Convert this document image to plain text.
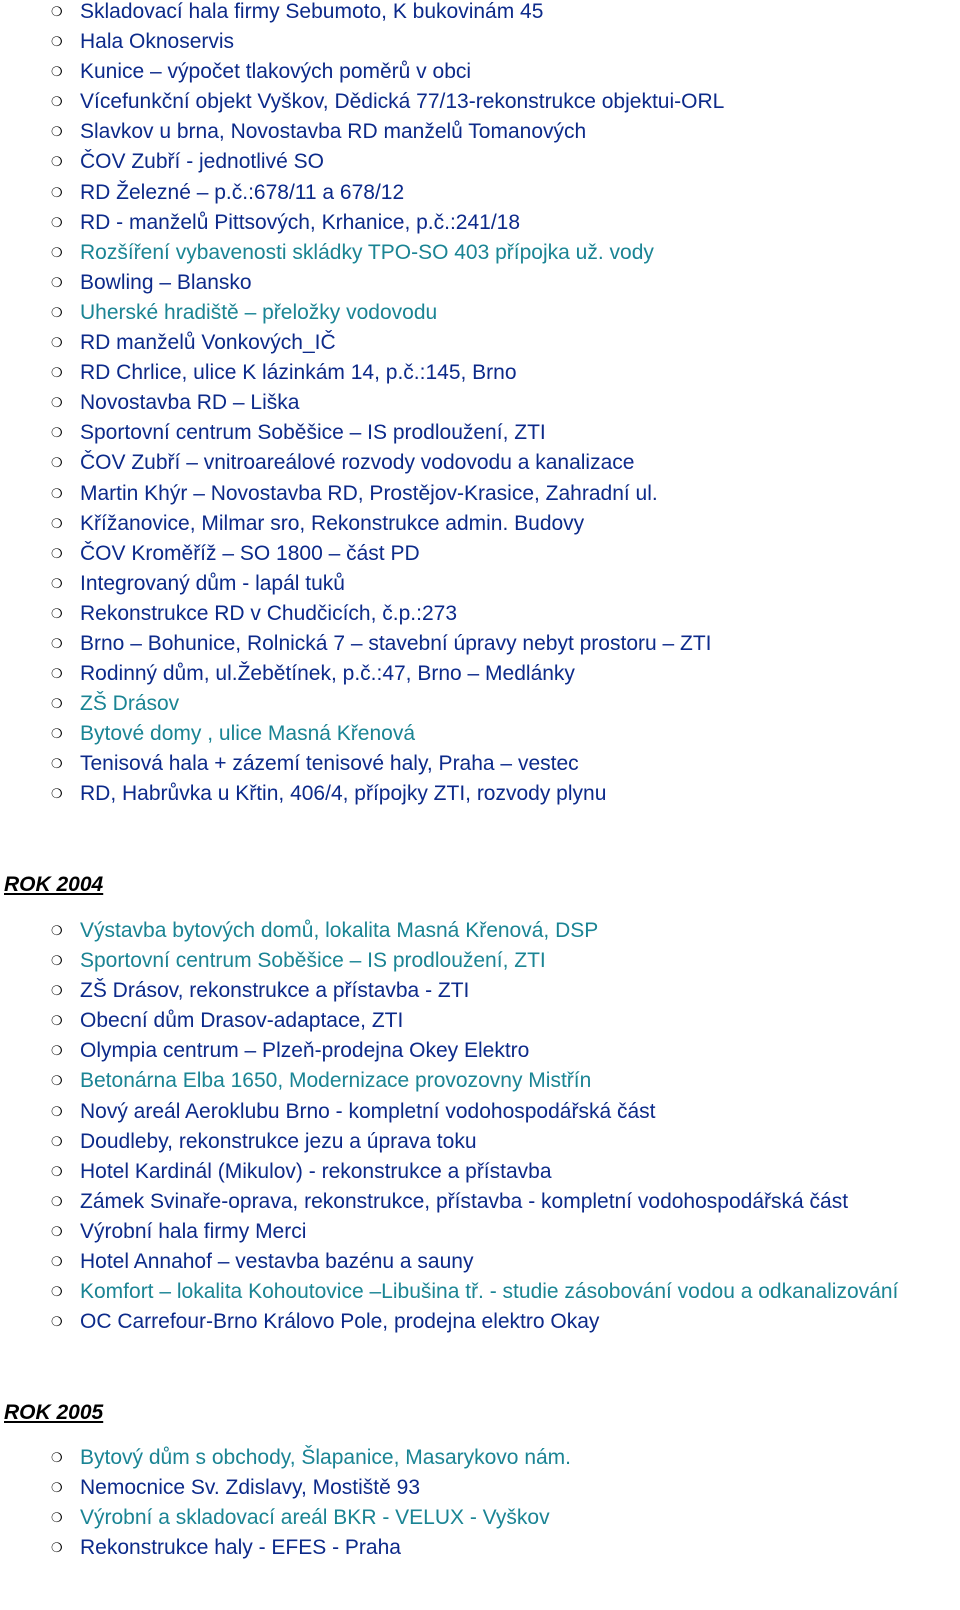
❍ Skladovací hala firmy Sebumoto, K bukovinám 45
❍ Hala Oknoservis
❍ Kunice – výpočet tlakových poměrů v obci
❍ Vícefunkční objekt Vyškov, Dědická 77/13-rekonstrukce objektui-ORL
❍ Slavkov u brna, Novostavba RD manželů Tomanových
❍ ČOV Zubří - jednotlivé SO
❍ RD Železné – p.č.:678/11 a 678/12
❍ RD - manželů Pittsových, Krhanice, p.č.:241/18
❍ Rozšíření vybavenosti skládky TPO-SO 403 přípojka už. vody
❍ Bowling – Blansko
❍ Uherské hradiště – přeložky vodovodu
❍ RD manželů Vonkových_IČ
❍ RD Chrlice, ulice K lázinkám 14, p.č.:145, Brno
❍ Novostavba RD – Liška
❍ Sportovní centrum Soběšice – IS prodloužení, ZTI
❍ ČOV Zubří – vnitroareálové rozvody vodovodu a kanalizace
❍ Martin Khýr – Novostavba RD, Prostějov-Krasice, Zahradní ul.
❍ Křížanovice, Milmar sro, Rekonstrukce admin. Budovy
❍ ČOV Kroměříž – SO 1800 – část PD
❍ Integrovaný dům - lapál tuků
❍ Rekonstrukce RD v Chudčicích, č.p.:273
❍ Brno – Bohunice, Rolnická 7 – stavební úpravy nebyt prostoru – ZTI
❍ Rodinný dům, ul.Žebětínek, p.č.:47, Brno – Medlánky
❍ ZŠ Drásov
❍ Bytové domy , ulice Masná Křenová
❍ Tenisová hala + zázemí tenisové haly, Praha – vestec
❍ RD, Habrůvka u Křtin, 406/4, přípojky ZTI, rozvody plynu
ROK 2004
❍ Výstavba bytových domů, lokalita Masná Křenová, DSP
❍ Sportovní centrum Soběšice – IS prodloužení, ZTI
❍ ZŠ Drásov, rekonstrukce a přístavba - ZTI
❍ Obecní dům Drasov-adaptace, ZTI
❍ Olympia centrum – Plzeň-prodejna Okey Elektro
❍ Betonárna Elba 1650, Modernizace provozovny Mistřín
❍ Nový areál Aeroklubu Brno - kompletní vodohospodářská část
❍ Doudleby, rekonstrukce jezu a úprava toku
❍ Hotel Kardinál (Mikulov) - rekonstrukce a přístavba
❍ Zámek Svinaře-oprava, rekonstrukce, přístavba - kompletní vodohospodářská část
❍ Výrobní hala firmy Merci
❍ Hotel Annahof – vestavba bazénu a sauny
❍ Komfort – lokalita Kohoutovice –Libušina tř. - studie zásobování vodou a odkanalizování
❍ OC Carrefour-Brno Královo Pole, prodejna elektro Okay
ROK 2005
❍ Bytový dům s obchody, Šlapanice, Masarykovo nám.
❍ Nemocnice Sv. Zdislavy, Mostiště 93
❍ Výrobní a skladovací areál BKR - VELUX - Vyškov
❍ Rekonstrukce haly - EFES - Praha
